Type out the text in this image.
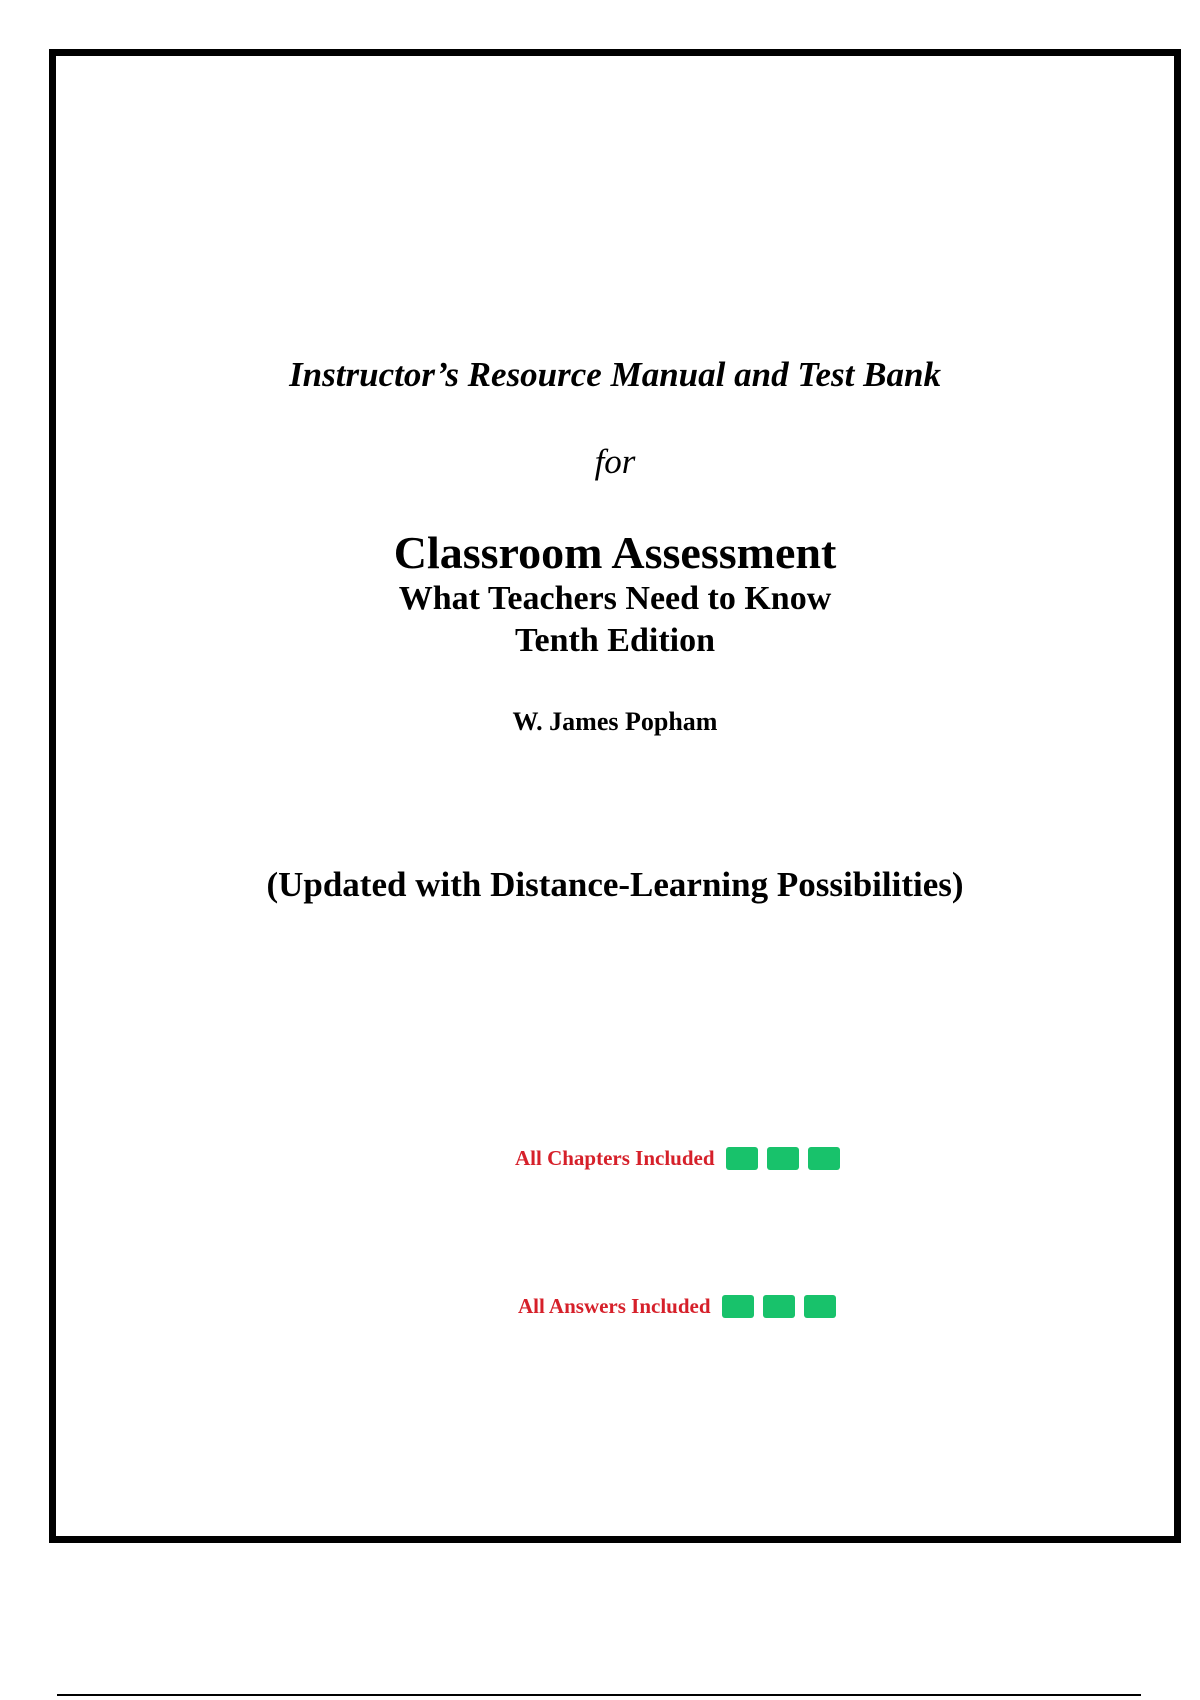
Instructor’s Resource Manual and Test Bank
for
Classroom Assessment
What Teachers Need to Know
Tenth Edition
W. James Popham
(Updated with Distance-Learning Possibilities)
All Chapters Included
All Answers Included
